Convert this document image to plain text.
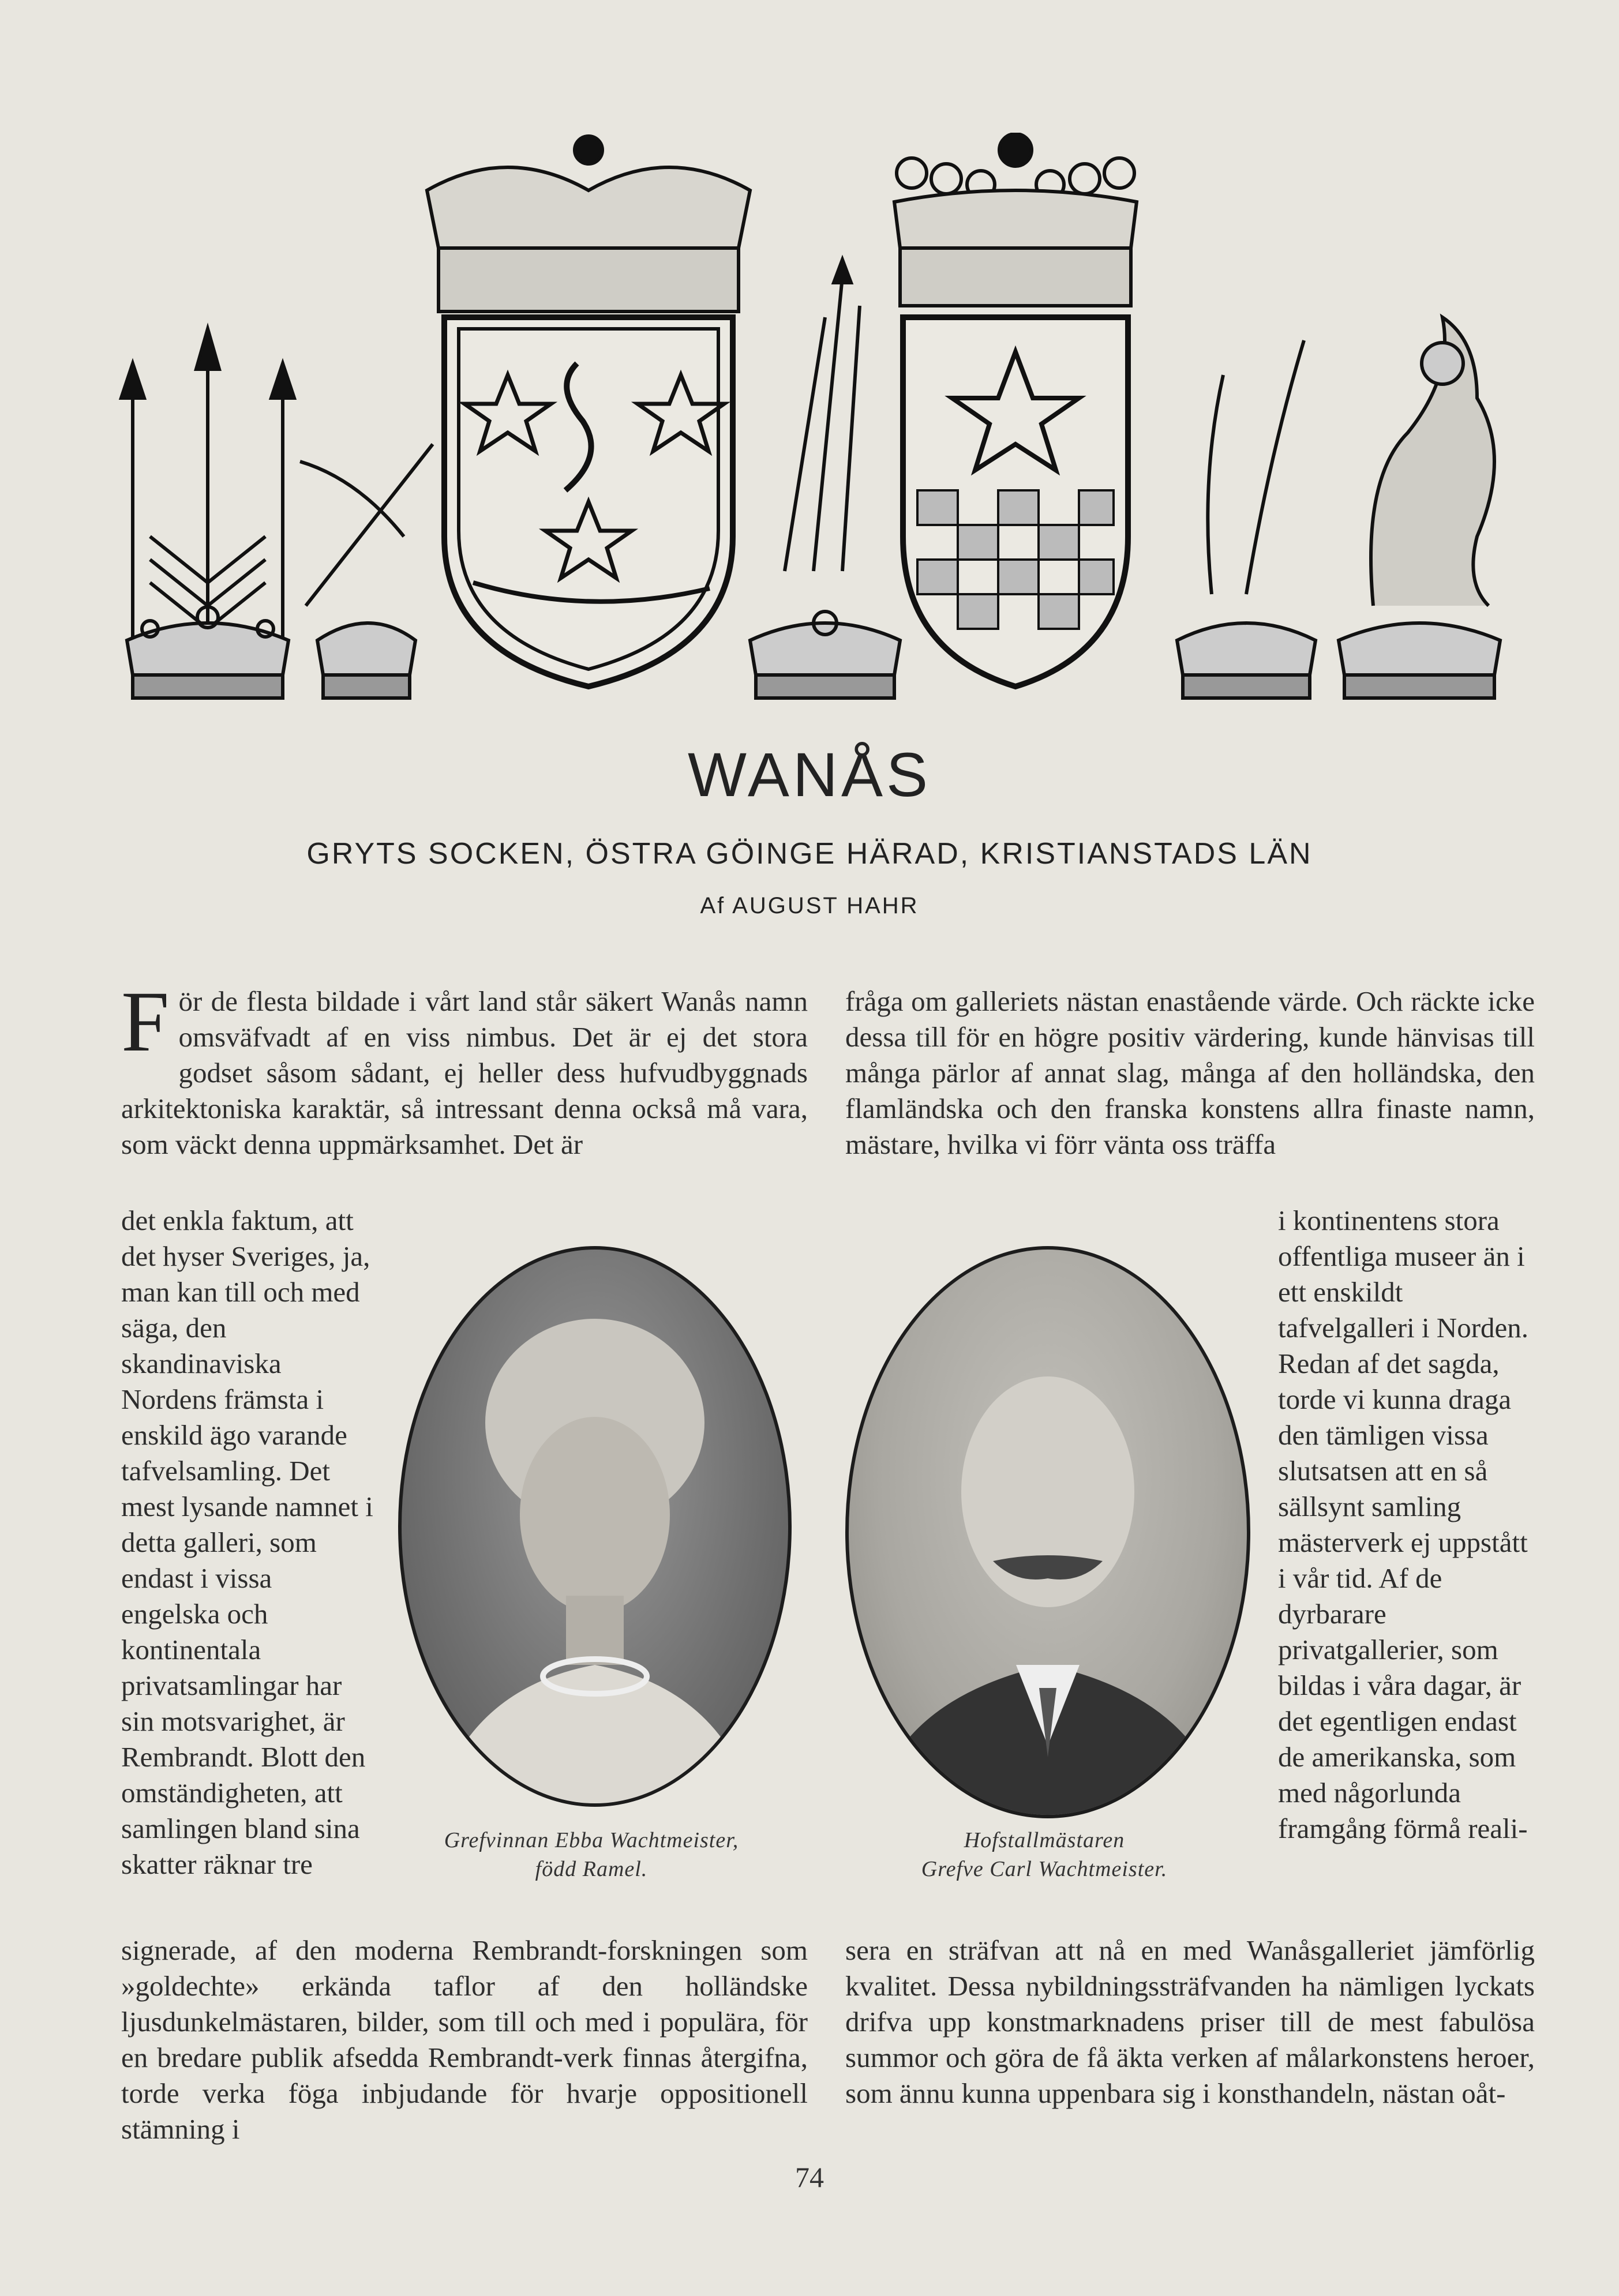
WANÅS
GRYTS SOCKEN, ÖSTRA GÖINGE HÄRAD, KRISTIANSTADS LÄN
Af AUGUST HAHR
F ör de flesta bildade i vårt land står säkert Wanås namn omsväfvadt af en viss nimbus. Det är ej det stora godset såsom sådant, ej heller dess hufvudbyggnads arkitektoniska karaktär, så intressant denna också må vara, som väckt denna uppmärksamhet. Det är

det enkla faktum, att det hyser Sveriges, ja, man kan till och med säga, den skandinaviska Nordens främsta i enskild ägo varande tafvelsamling. Det mest lysande namnet i detta galleri, som endast i vissa engelska och kontinentala privatsamlingar har sin motsvarighet, är Rembrandt. Blott den omständigheten, att samlingen bland sina skatter räknar tre

signerade, af den moderna Rembrandt-forskningen som »goldechte» erkända taflor af den holländske ljusdunkelmästaren, bilder, som till och med i populära, för en bredare publik afsedda Rembrandt-verk finnas återgifna, torde verka föga inbjudande för hvarje oppositionell stämning i

fråga om galleriets nästan enastående värde. Och räckte icke dessa till för en högre positiv värdering, kunde hänvisas till många pärlor af annat slag, många af den holländska, den flamländska och den franska konstens allra finaste namn, mästare, hvilka vi förr vänta oss träffa

i kontinentens stora offentliga museer än i ett enskildt tafvelgalleri i Norden. Redan af det sagda, torde vi kunna draga den tämligen vissa slutsatsen att en så sällsynt samling mästerverk ej uppstått i vår tid. Af de dyrbarare privatgallerier, som bildas i våra dagar, är det egentligen endast de amerikanska, som med någorlunda framgång förmå reali-

sera en sträfvan att nå en med Wanåsgalleriet jämförlig kvalitet. Dessa nybildningssträfvanden ha nämligen lyckats drifva upp konstmarknadens priser till de mest fabulösa summor och göra de få äkta verken af målarkonstens heroer, som ännu kunna uppenbara sig i konsthandeln, nästan oåt-

Grefvinnan Ebba Wachtmeister,
född Ramel.
Hofstallmästaren
Grefve Carl Wachtmeister.
74
